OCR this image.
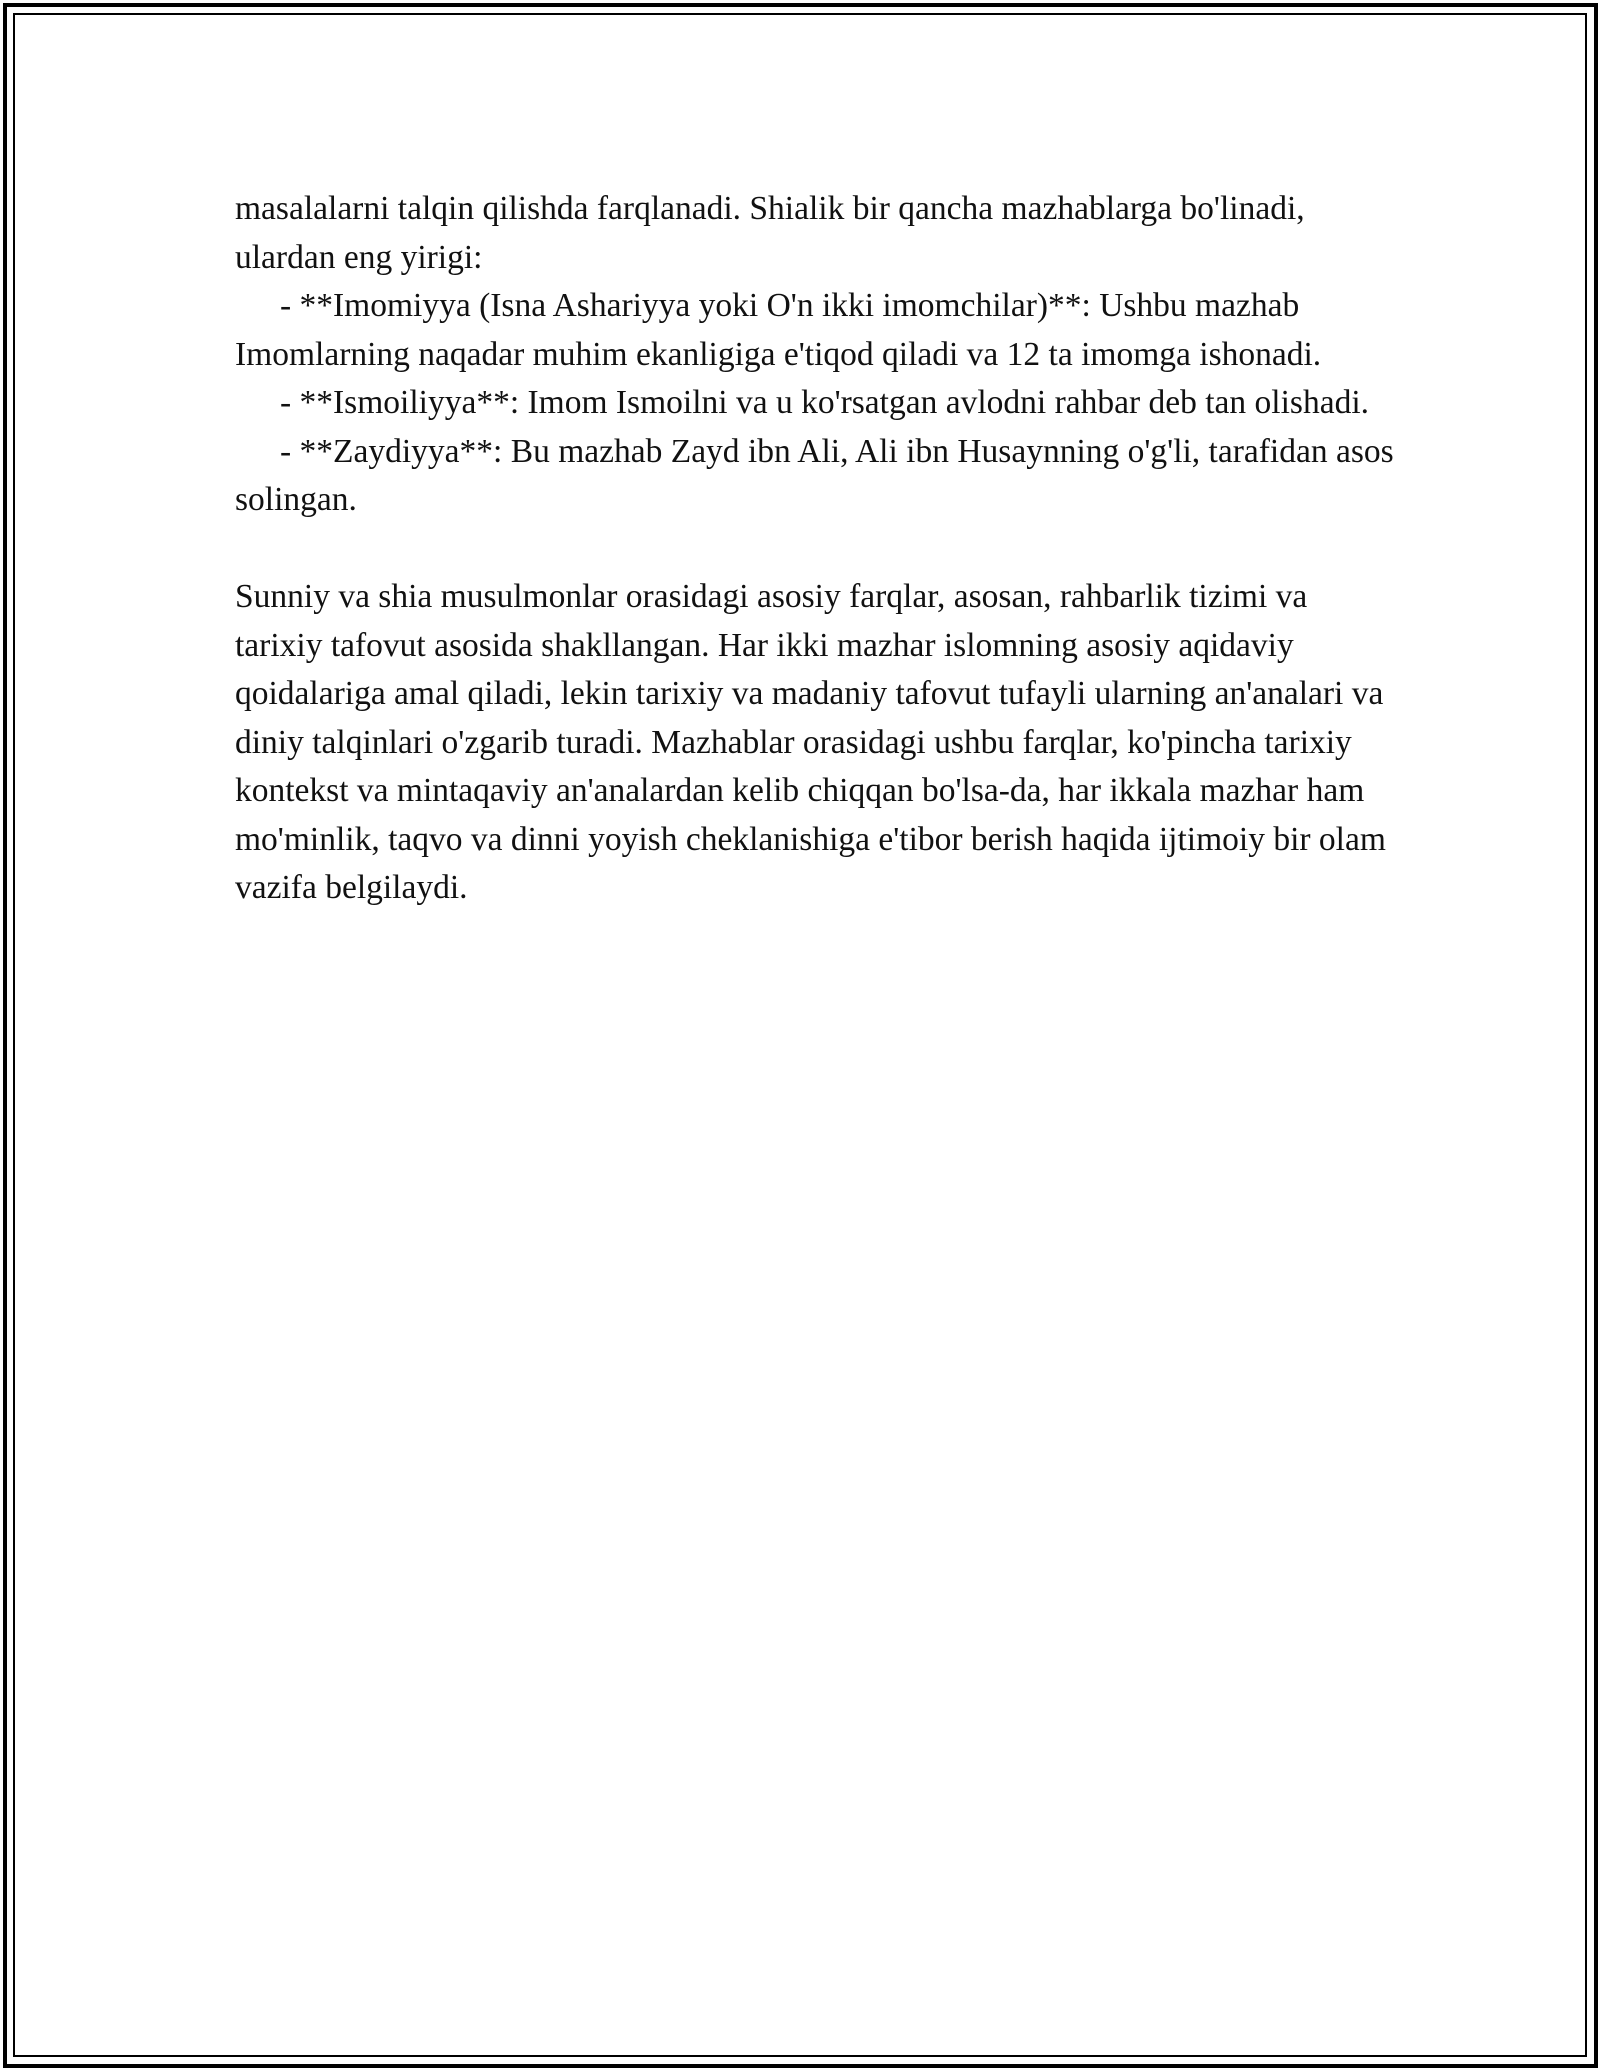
masalalarni talqin qilishda farqlanadi. Shialik bir qancha mazhablarga bo'linadi, ulardan eng yirigi:

- **Imomiyya (Isna Ashariyya yoki O'n ikki imomchilar)**: Ushbu mazhab Imomlarning naqadar muhim ekanligiga e'tiqod qiladi va 12 ta imomga ishonadi.

- **Ismoiliyya**: Imom Ismoilni va u ko'rsatgan avlodni rahbar deb tan olishadi.

- **Zaydiyya**: Bu mazhab Zayd ibn Ali, Ali ibn Husaynning o'g'li, tarafidan asos solingan.

Sunniy va shia musulmonlar orasidagi asosiy farqlar, asosan, rahbarlik tizimi va tarixiy tafovut asosida shakllangan. Har ikki mazhar islomning asosiy aqidaviy qoidalariga amal qiladi, lekin tarixiy va madaniy tafovut tufayli ularning an'analari va diniy talqinlari o'zgarib turadi. Mazhablar orasidagi ushbu farqlar, ko'pincha tarixiy kontekst va mintaqaviy an'analardan kelib chiqqan bo'lsa-da, har ikkala mazhar ham mo'minlik, taqvo va dinni yoyish cheklanishiga e'tibor berish haqida ijtimoiy bir olam vazifa belgilaydi.
